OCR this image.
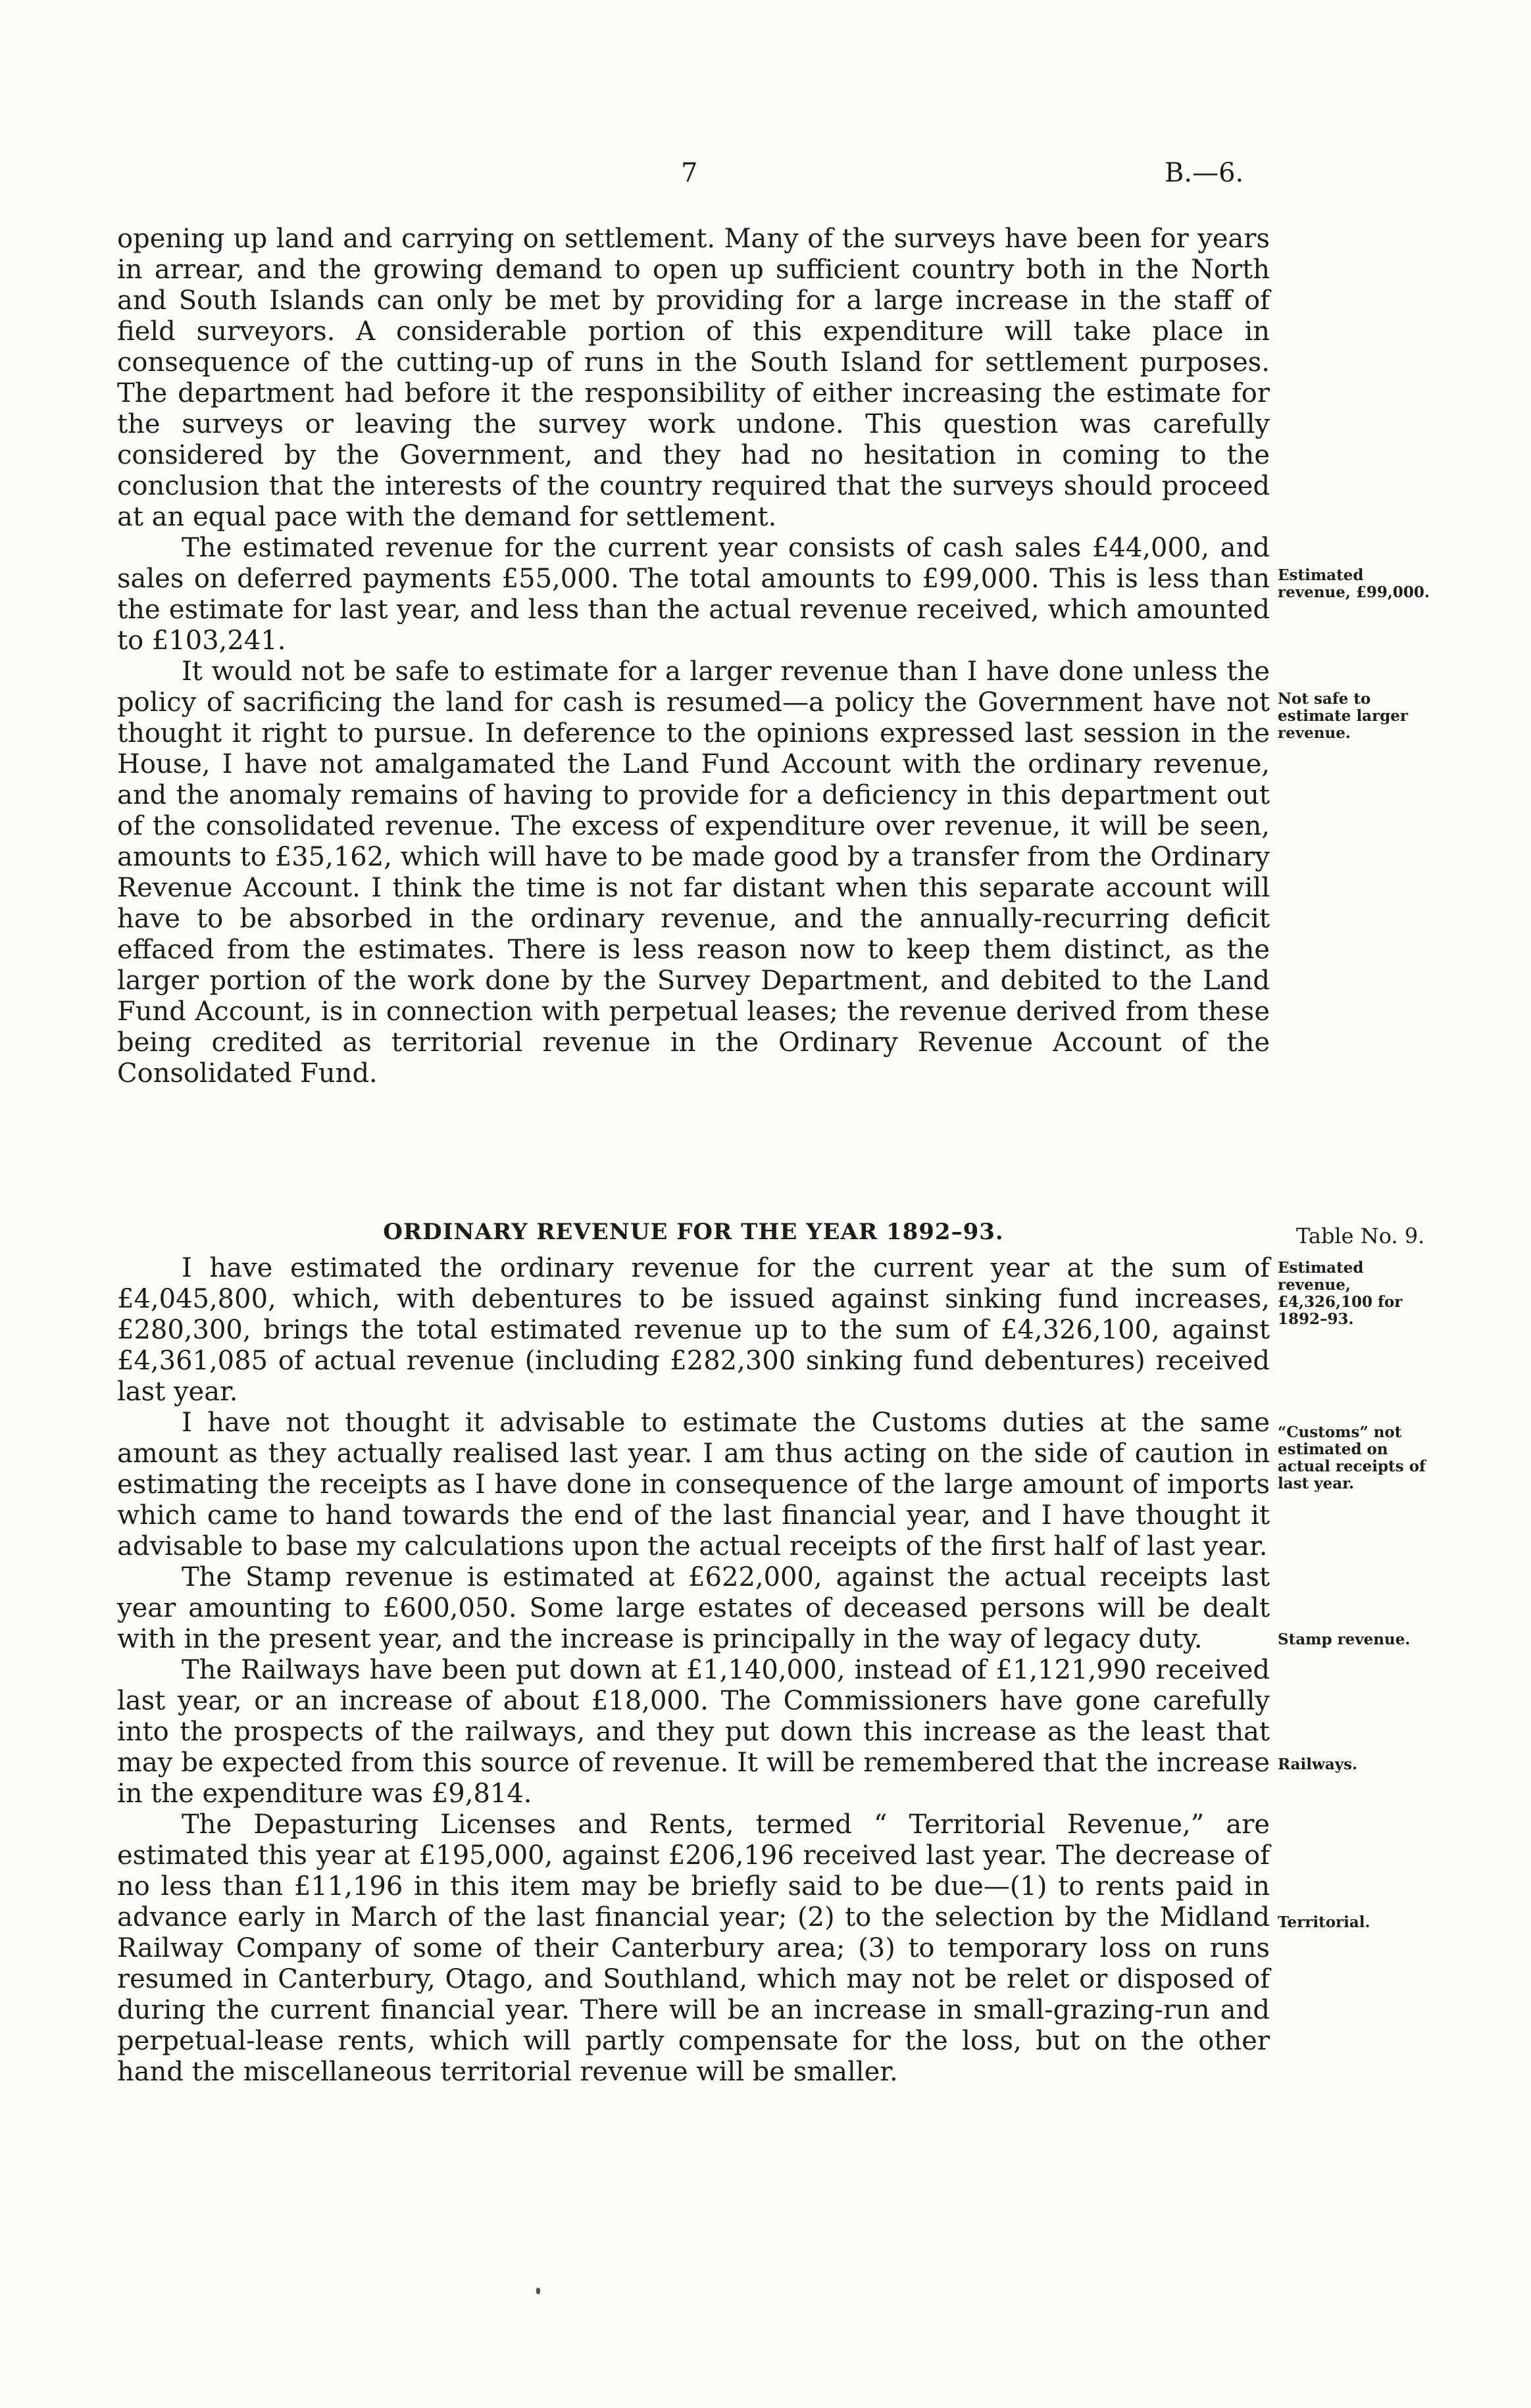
7	B.—6.

opening up land and carrying on settlement. Many of the surveys have been for years in arrear, and the growing demand to open up sufficient country both in the North and South Islands can only be met by providing for a large increase in the staff of field surveyors. A considerable portion of this expenditure will take place in consequence of the cutting-up of runs in the South Island for settlement purposes. The department had before it the responsibility of either increasing the estimate for the surveys or leaving the survey work undone. This question was carefully considered by the Government, and they had no hesitation in coming to the conclusion that the interests of the country required that the surveys should proceed at an equal pace with the demand for settlement.

The estimated revenue for the current year consists of cash sales £44,000, and sales on deferred payments £55,000. The total amounts to £99,000. This is less than the estimate for last year, and less than the actual revenue received, which amounted to £103,241.

It would not be safe to estimate for a larger revenue than I have done unless the policy of sacrificing the land for cash is resumed—a policy the Government have not thought it right to pursue. In deference to the opinions expressed last session in the House, I have not amalgamated the Land Fund Account with the ordinary revenue, and the anomaly remains of having to provide for a deficiency in this department out of the consolidated revenue. The excess of expenditure over revenue, it will be seen, amounts to £35,162, which will have to be made good by a transfer from the Ordinary Revenue Account. I think the time is not far distant when this separate account will have to be absorbed in the ordinary revenue, and the annually-recurring deficit effaced from the estimates. There is less reason now to keep them distinct, as the larger portion of the work done by the Survey Department, and debited to the Land Fund Account, is in connection with perpetual leases; the revenue derived from these being credited as territorial revenue in the Ordinary Revenue Account of the Consolidated Fund.

ORDINARY REVENUE FOR THE YEAR 1892–93.	Table No. 9.

I have estimated the ordinary revenue for the current year at the sum of £4,045,800, which, with debentures to be issued against sinking fund increases, £280,300, brings the total estimated revenue up to the sum of £4,326,100, against £4,361,085 of actual revenue (including £282,300 sinking fund debentures) received last year.

I have not thought it advisable to estimate the Customs duties at the same amount as they actually realised last year. I am thus acting on the side of caution in estimating the receipts as I have done in consequence of the large amount of imports which came to hand towards the end of the last financial year, and I have thought it advisable to base my calculations upon the actual receipts of the first half of last year.

The Stamp revenue is estimated at £622,000, against the actual receipts last year amounting to £600,050. Some large estates of deceased persons will be dealt with in the present year, and the increase is principally in the way of legacy duty.

The Railways have been put down at £1,140,000, instead of £1,121,990 received last year, or an increase of about £18,000. The Commissioners have gone carefully into the prospects of the railways, and they put down this increase as the least that may be expected from this source of revenue. It will be remembered that the increase in the expenditure was £9,814.

The Depasturing Licenses and Rents, termed “ Territorial Revenue,” are estimated this year at £195,000, against £206,196 received last year. The decrease of no less than £11,196 in this item may be briefly said to be due—(1) to rents paid in advance early in March of the last financial year; (2) to the selection by the Midland Railway Company of some of their Canterbury area; (3) to temporary loss on runs resumed in Canterbury, Otago, and Southland, which may not be relet or disposed of during the current financial year. There will be an increase in small-grazing-run and perpetual-lease rents, which will partly compensate for the loss, but on the other hand the miscellaneous territorial revenue will be smaller.

Estimated revenue, £99,000.
Not safe to estimate larger revenue.
Estimated revenue, £4,326,100 for 1892–93.
“Customs” not estimated on actual receipts of last year.
Stamp revenue.
Railways.
Territorial.
